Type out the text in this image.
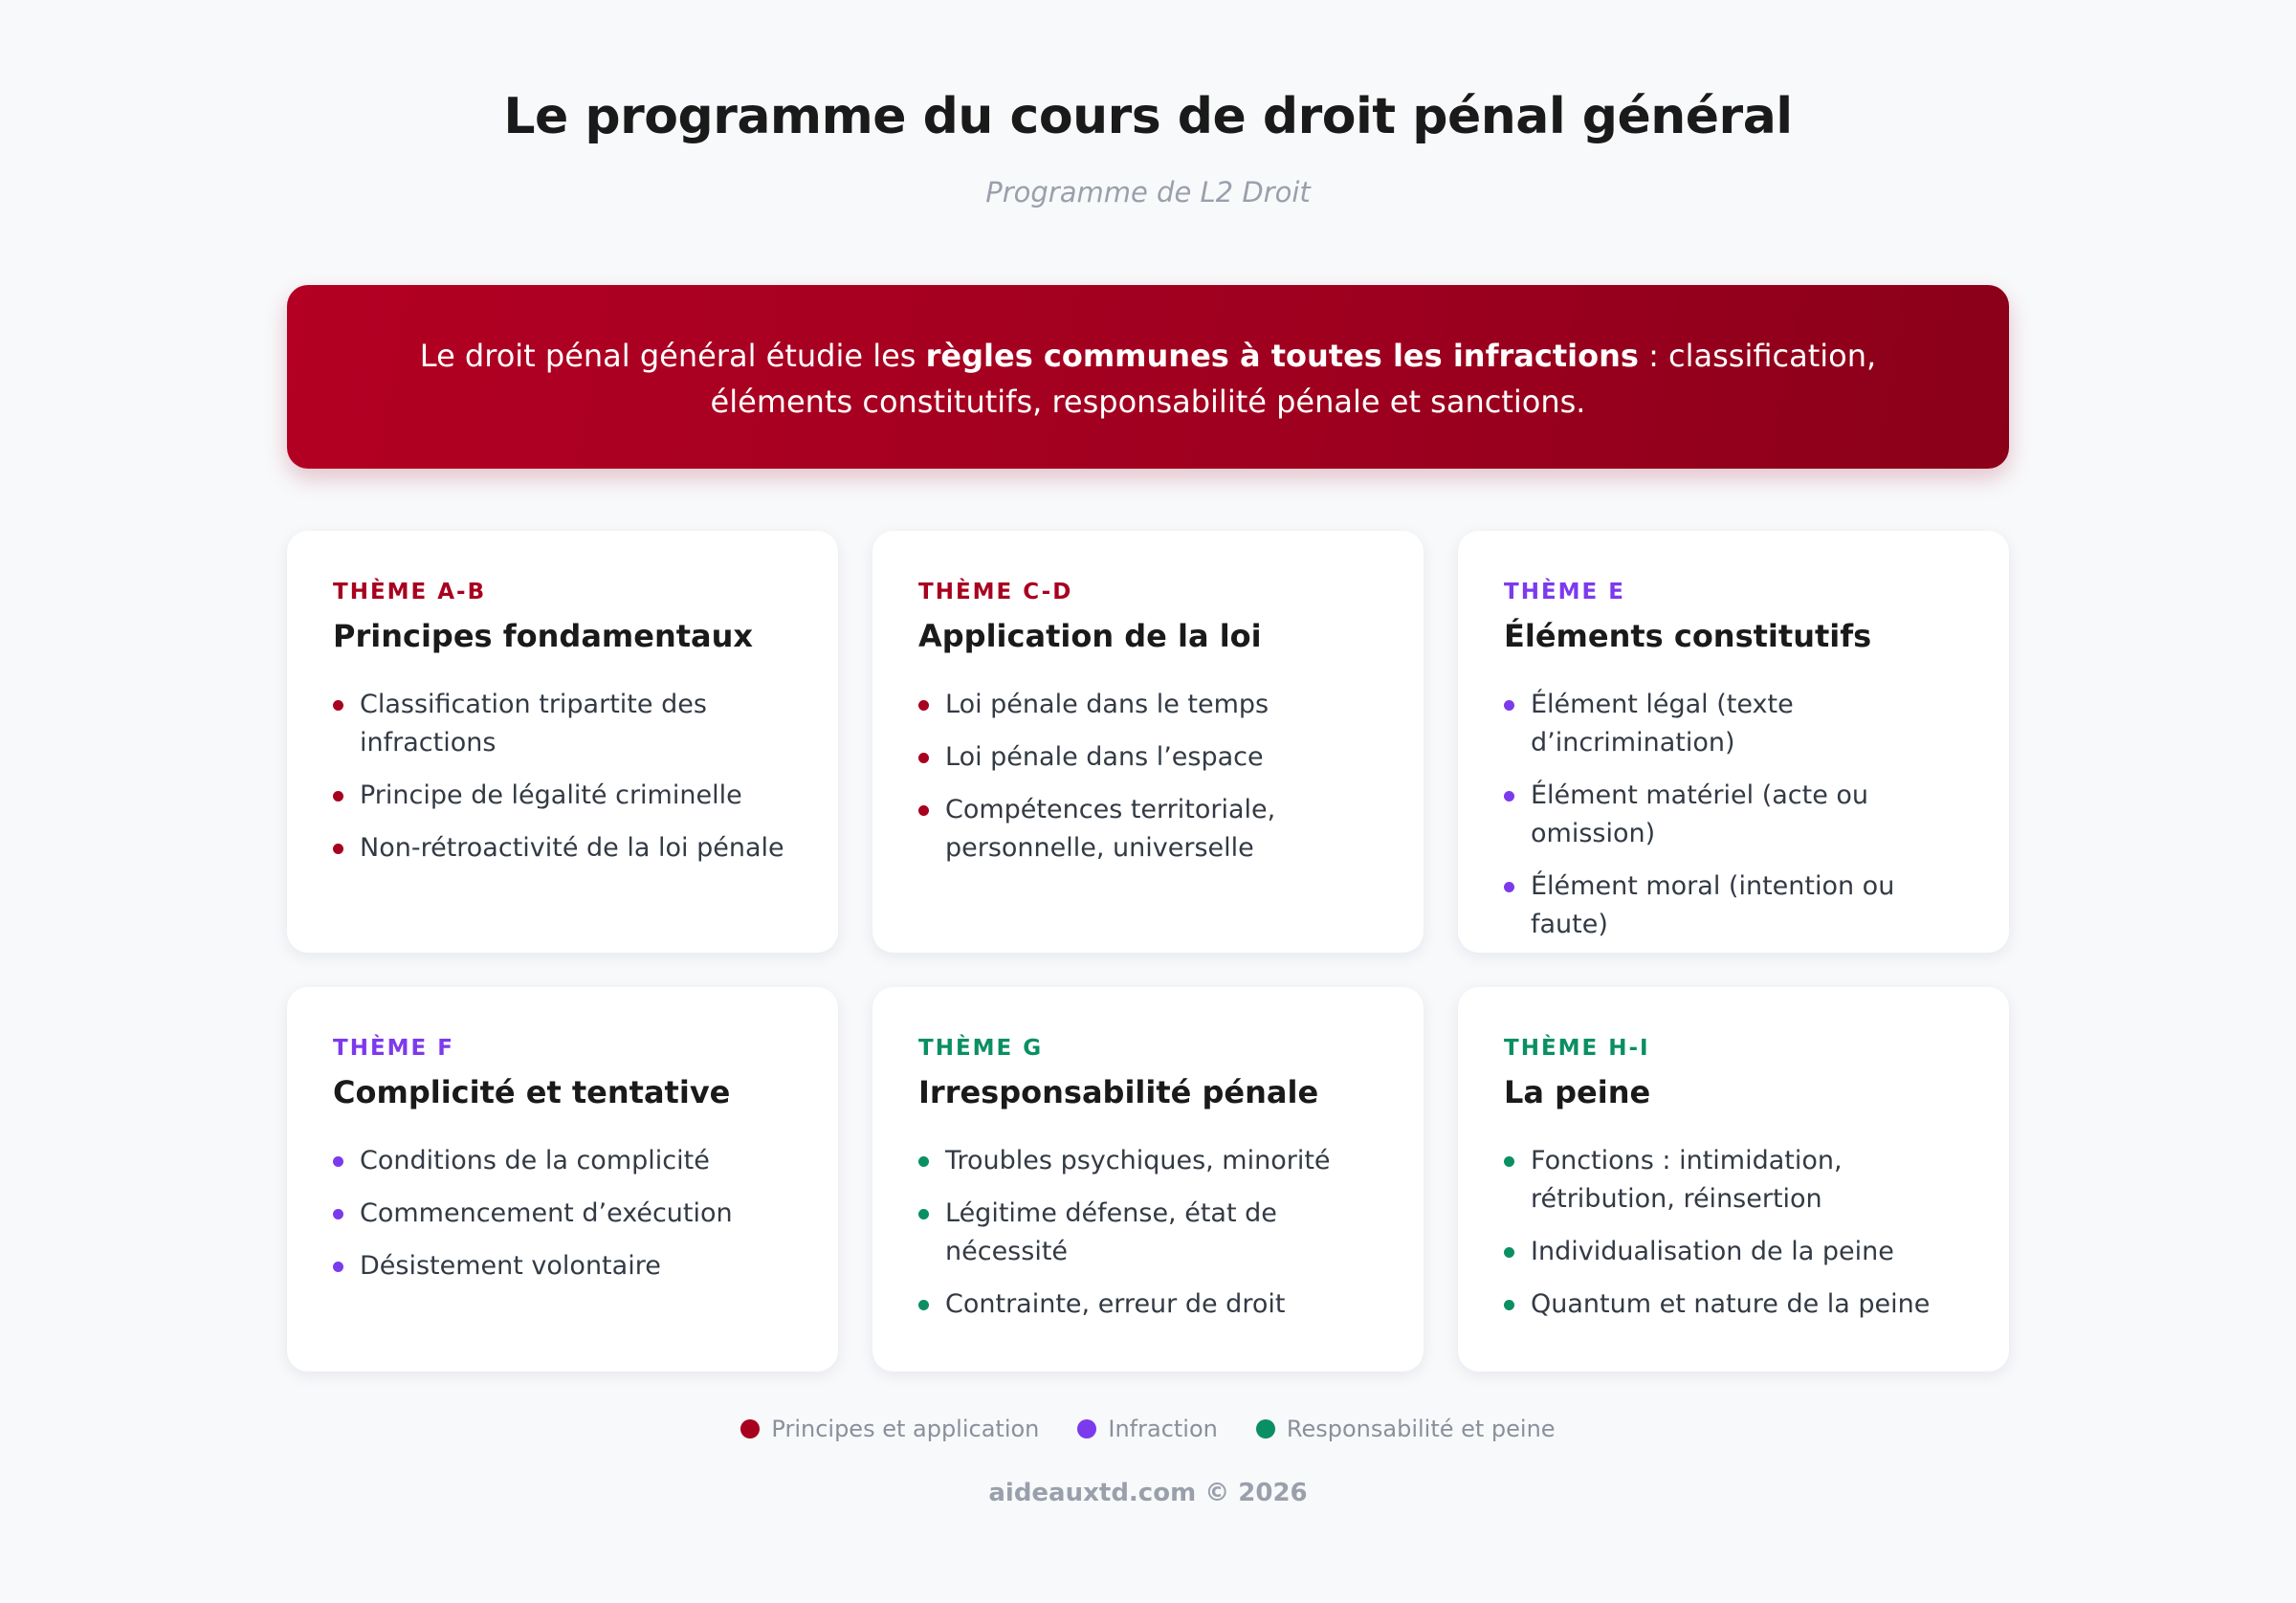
Le programme du cours de droit pénal général
Programme de L2 Droit
Le droit pénal général étudie les règles communes à toutes les infractions : classification, éléments constitutifs, responsabilité pénale et sanctions.
THÈME A-B
Principes fondamentaux
Classification tripartite des infractions
Principe de légalité criminelle
Non-rétroactivité de la loi pénale
THÈME C-D
Application de la loi
Loi pénale dans le temps
Loi pénale dans l’espace
Compétences territoriale, personnelle, universelle
THÈME E
Éléments constitutifs
Élément légal (texte d’incrimination)
Élément matériel (acte ou omission)
Élément moral (intention ou faute)
THÈME F
Complicité et tentative
Conditions de la complicité
Commencement d’exécution
Désistement volontaire
THÈME G
Irresponsabilité pénale
Troubles psychiques, minorité
Légitime défense, état de nécessité
Contrainte, erreur de droit
THÈME H-I
La peine
Fonctions : intimidation, rétribution, réinsertion
Individualisation de la peine
Quantum et nature de la peine
Principes et application	Infraction	Responsabilité et peine
aideauxtd.com © 2026
